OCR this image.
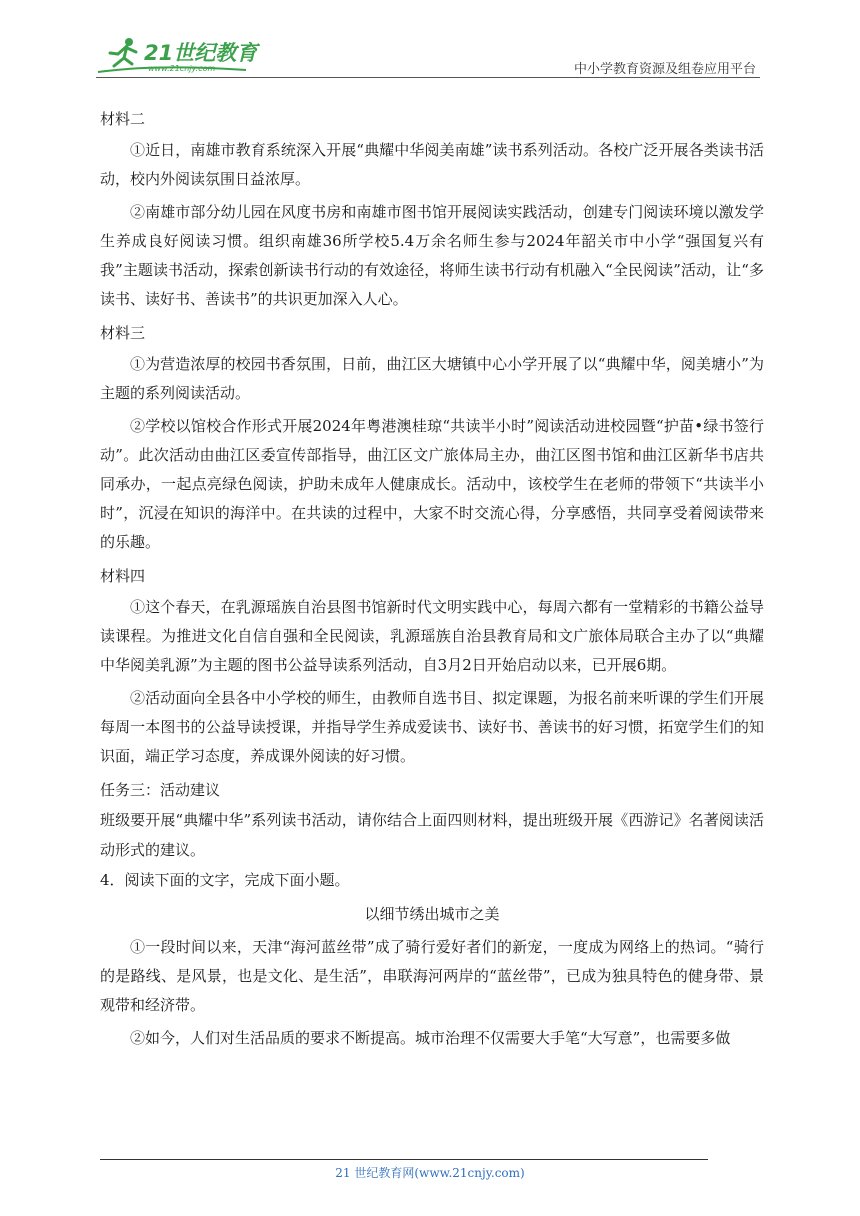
21世纪教育
www.21cnjy.com	中小学教育资源及组卷应用平台

材料二

①近日，南雄市教育系统深入开展“典耀中华阅美南雄”读书系列活动。各校广泛开展各类读书活动，校内外阅读氛围日益浓厚。

②南雄市部分幼儿园在风度书房和南雄市图书馆开展阅读实践活动，创建专门阅读环境以激发学生养成良好阅读习惯。组织南雄36所学校5.4万余名师生参与2024年韶关市中小学“强国复兴有我”主题读书活动，探索创新读书行动的有效途径，将师生读书行动有机融入“全民阅读”活动，让“多读书、读好书、善读书”的共识更加深入人心。

材料三

①为营造浓厚的校园书香氛围，日前，曲江区大塘镇中心小学开展了以“典耀中华，阅美塘小”为主题的系列阅读活动。

②学校以馆校合作形式开展2024年粤港澳桂琼“共读半小时”阅读活动进校园暨“护苗•绿书签行动”。此次活动由曲江区委宣传部指导，曲江区文广旅体局主办，曲江区图书馆和曲江区新华书店共同承办，一起点亮绿色阅读，护助未成年人健康成长。活动中，该校学生在老师的带领下“共读半小时”，沉浸在知识的海洋中。在共读的过程中，大家不时交流心得，分享感悟，共同享受着阅读带来的乐趣。

材料四

①这个春天，在乳源瑶族自治县图书馆新时代文明实践中心，每周六都有一堂精彩的书籍公益导读课程。为推进文化自信自强和全民阅读，乳源瑶族自治县教育局和文广旅体局联合主办了以“典耀中华阅美乳源”为主题的图书公益导读系列活动，自3月2日开始启动以来，已开展6期。

②活动面向全县各中小学校的师生，由教师自选书目、拟定课题，为报名前来听课的学生们开展每周一本图书的公益导读授课，并指导学生养成爱读书、读好书、善读书的好习惯，拓宽学生们的知识面，端正学习态度，养成课外阅读的好习惯。

任务三：活动建议

班级要开展“典耀中华”系列读书活动，请你结合上面四则材料，提出班级开展《西游记》名著阅读活动形式的建议。

4．阅读下面的文字，完成下面小题。

以细节绣出城市之美

①一段时间以来，天津“海河蓝丝带”成了骑行爱好者们的新宠，一度成为网络上的热词。“骑行的是路线、是风景，也是文化、是生活”，串联海河两岸的“蓝丝带”，已成为独具特色的健身带、景观带和经济带。

②如今，人们对生活品质的要求不断提高。城市治理不仅需要大手笔“大写意”，也需要多做

21 世纪教育网(www.21cnjy.com)
